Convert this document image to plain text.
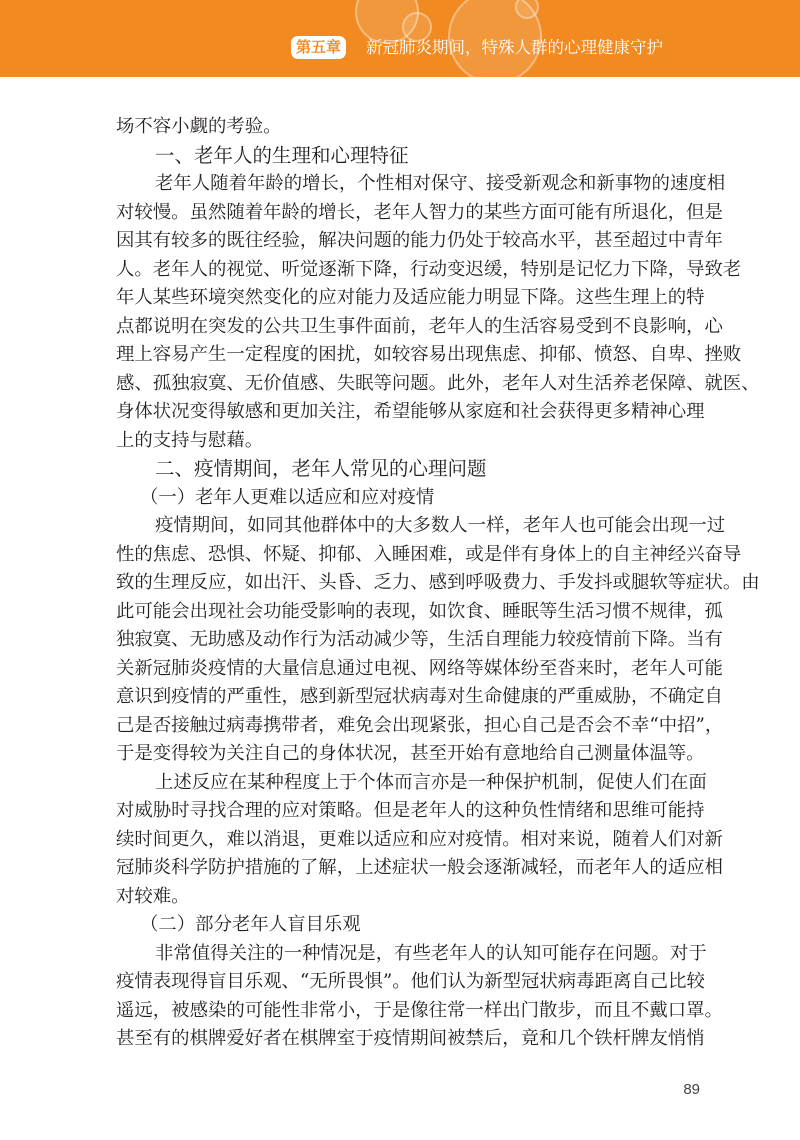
第五章	新冠肺炎期间，特殊人群的心理健康守护
场不容小觑的考验。
一、老年人的生理和心理特征
老年人随着年龄的增长，个性相对保守、接受新观念和新事物的速度相
对较慢。虽然随着年龄的增长，老年人智力的某些方面可能有所退化，但是
因其有较多的既往经验，解决问题的能力仍处于较高水平，甚至超过中青年
人。老年人的视觉、听觉逐渐下降，行动变迟缓，特别是记忆力下降，导致老
年人某些环境突然变化的应对能力及适应能力明显下降。这些生理上的特
点都说明在突发的公共卫生事件面前，老年人的生活容易受到不良影响，心
理上容易产生一定程度的困扰，如较容易出现焦虑、抑郁、愤怒、自卑、挫败
感、孤独寂寞、无价值感、失眠等问题。此外，老年人对生活养老保障、就医、
身体状况变得敏感和更加关注，希望能够从家庭和社会获得更多精神心理
上的支持与慰藉。
二、疫情期间，老年人常见的心理问题
（一）老年人更难以适应和应对疫情
疫情期间，如同其他群体中的大多数人一样，老年人也可能会出现一过
性的焦虑、恐惧、怀疑、抑郁、入睡困难，或是伴有身体上的自主神经兴奋导
致的生理反应，如出汗、头昏、乏力、感到呼吸费力、手发抖或腿软等症状。由
此可能会出现社会功能受影响的表现，如饮食、睡眠等生活习惯不规律，孤
独寂寞、无助感及动作行为活动减少等，生活自理能力较疫情前下降。当有
关新冠肺炎疫情的大量信息通过电视、网络等媒体纷至沓来时，老年人可能
意识到疫情的严重性，感到新型冠状病毒对生命健康的严重威胁，不确定自
己是否接触过病毒携带者，难免会出现紧张，担心自己是否会不幸“中招”，
于是变得较为关注自己的身体状况，甚至开始有意地给自己测量体温等。
上述反应在某种程度上于个体而言亦是一种保护机制，促使人们在面
对威胁时寻找合理的应对策略。但是老年人的这种负性情绪和思维可能持
续时间更久，难以消退，更难以适应和应对疫情。相对来说，随着人们对新
冠肺炎科学防护措施的了解，上述症状一般会逐渐减轻，而老年人的适应相
对较难。
（二）部分老年人盲目乐观
非常值得关注的一种情况是，有些老年人的认知可能存在问题。对于
疫情表现得盲目乐观、“无所畏惧”。他们认为新型冠状病毒距离自己比较
遥远，被感染的可能性非常小，于是像往常一样出门散步，而且不戴口罩。
甚至有的棋牌爱好者在棋牌室于疫情期间被禁后，竟和几个铁杆牌友悄悄
89
